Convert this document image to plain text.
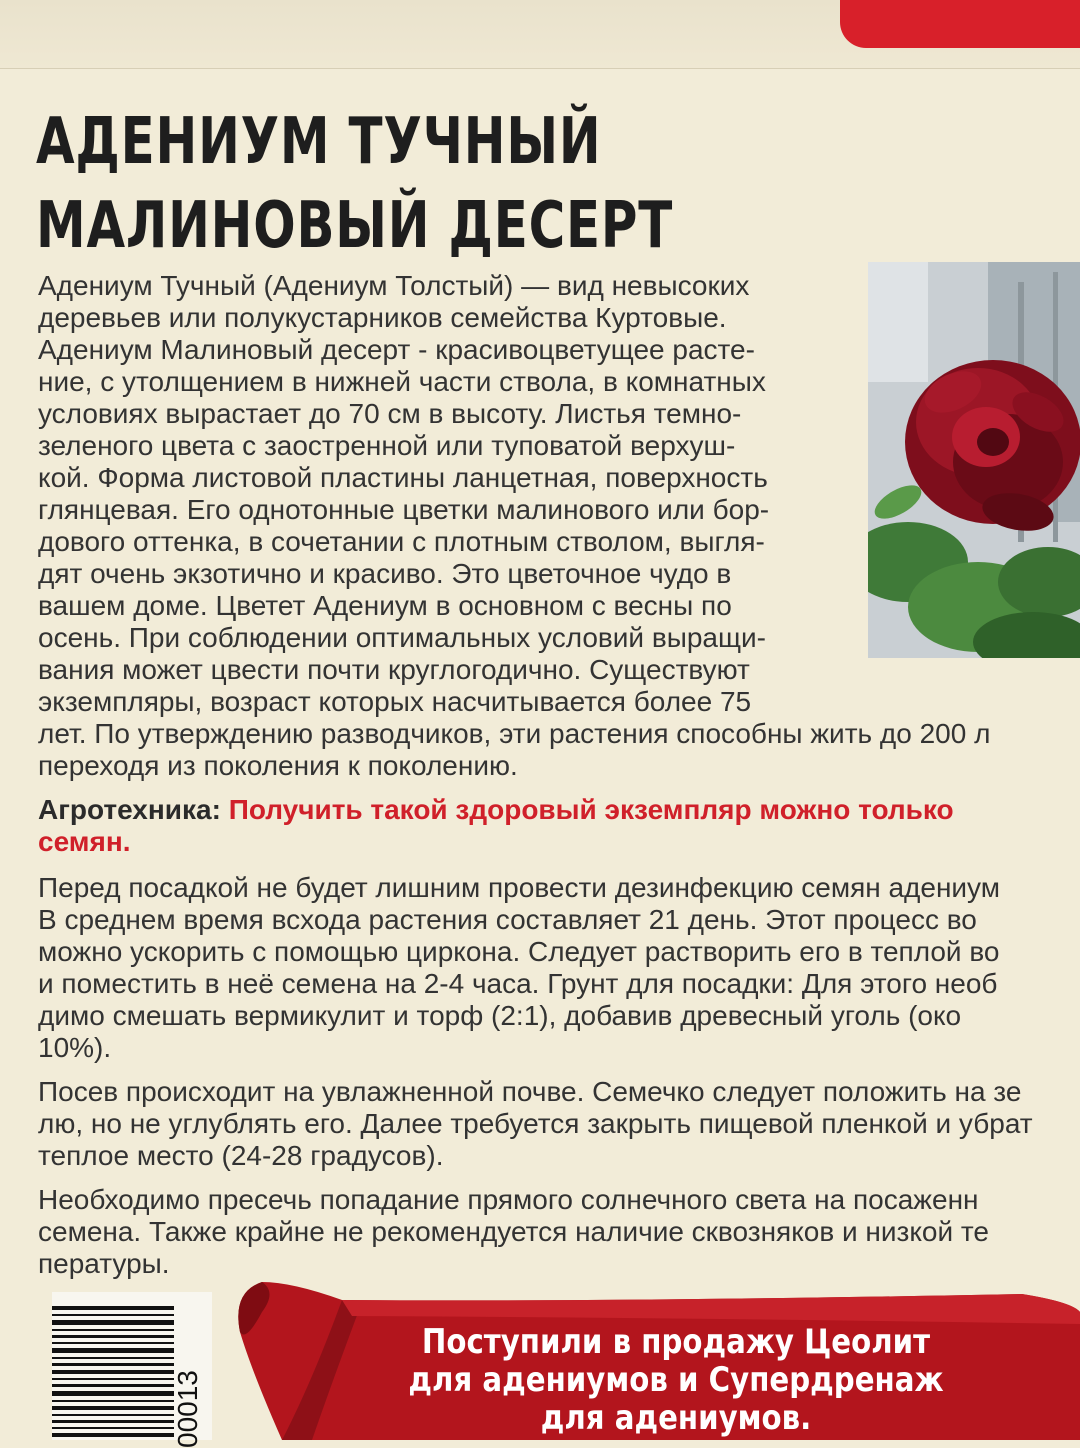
АДЕНИУМ ТУЧНЫЙ
МАЛИНОВЫЙ ДЕСЕРТ
Адениум Тучный (Адениум Толстый) — вид невысоких
деревьев или полукустарников семейства Куртовые.
Адениум Малиновый десерт - красивоцветущее расте-
ние, с утолщением в нижней части ствола, в комнатных
условиях вырастает до 70 см в высоту. Листья темно-
зеленого цвета с заостренной или туповатой верхуш-
кой. Форма листовой пластины ланцетная, поверхность
глянцевая. Его однотонные цветки малинового или бор-
дового оттенка, в сочетании с плотным стволом, выгля-
дят очень экзотично и красиво. Это цветочное чудо в
вашем доме. Цветет Адениум в основном с весны по
осень. При соблюдении оптимальных условий выращи-
вания может цвести почти круглогодично. Существуют
экземпляры, возраст которых насчитывается более 75
лет. По утверждению разводчиков, эти растения способны жить до 200 л
переходя из поколения к поколению.
Агротехника: Получить такой здоровый экземпляр можно только
семян.
Перед посадкой не будет лишним провести дезинфекцию семян адениум
В среднем время всхода растения составляет 21 день. Этот процесс во
можно ускорить с помощью циркона. Следует растворить его в теплой во
и поместить в неё семена на 2-4 часа. Грунт для посадки: Для этого необ
димо смешать вермикулит и торф (2:1), добавив древесный уголь (око
10%).
Посев происходит на увлажненной почве. Семечко следует положить на зе
лю, но не углублять его. Далее требуется закрыть пищевой пленкой и убрат
теплое место (24-28 градусов).
Необходимо пресечь попадание прямого солнечного света на посаженн
семена. Также крайне не рекомендуется наличие сквозняков и низкой те
пературы.
00013
Поступили в продажу Цеолит
для адениумов и Супердренаж
для адениумов.
